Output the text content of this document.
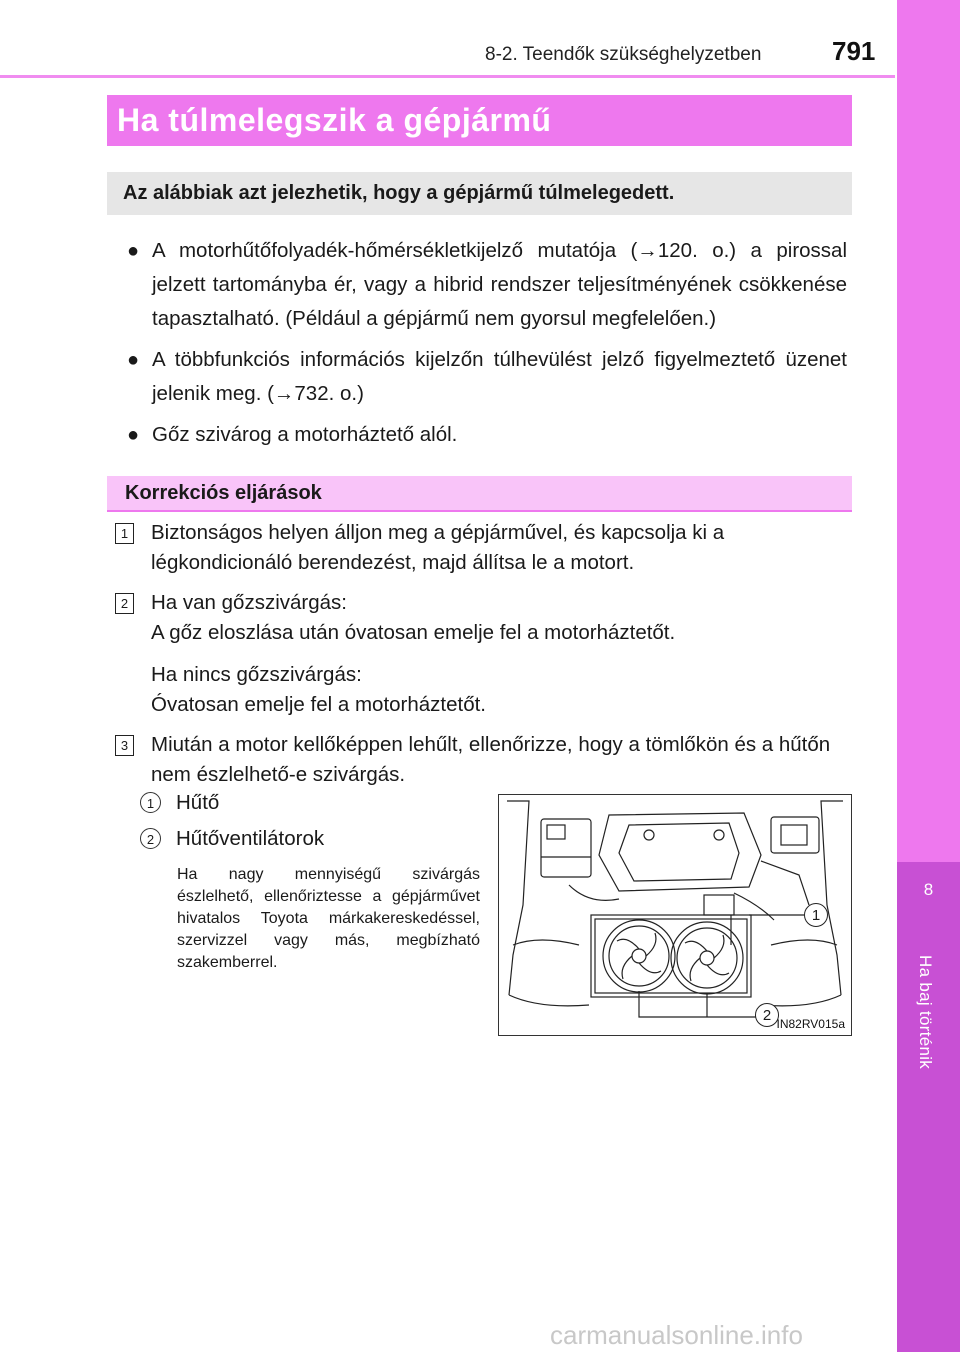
8
Ha baj történik
8-2. Teendők szükséghelyzetben	791
Ha túlmelegszik a gépjármű
Az alábbiak azt jelezhetik, hogy a gépjármű túlmelegedett.
● A motorhűtőfolyadék-hőmérsékletkijelző mutatója (→120. o.) a pirossal jelzett tartományba ér, vagy a hibrid rendszer teljesítményének csökkenése tapasztalható. (Például a gépjármű nem gyorsul megfelelően.)
● A többfunkciós információs kijelzőn túlhevülést jelző figyelmeztető üzenet jelenik meg. (→732. o.)
● Gőz szivárog a motorháztető alól.
Korrekciós eljárások
1 Biztonságos helyen álljon meg a gépjárművel, és kapcsolja ki a légkondicionáló berendezést, majd állítsa le a motort.

2 Ha van gőzszivárgás:

A gőz eloszlása után óvatosan emelje fel a motorháztetőt.

Ha nincs gőzszivárgás:

Óvatosan emelje fel a motorháztetőt.

3 Miután a motor kellőképpen lehűlt, ellenőrizze, hogy a tömlőkön és a hűtőn nem észlelhető-e szivárgás.

1	Hűtő
2	Hűtőventilátorok
Ha nagy mennyiségű szivárgás észlelhető, ellenőriztesse a gépjárművet hivatalos Toyota márkakereskedéssel, szervizzel vagy más, megbízható szakemberrel.
1
2 IN82RV015a
carmanualsonline.info
